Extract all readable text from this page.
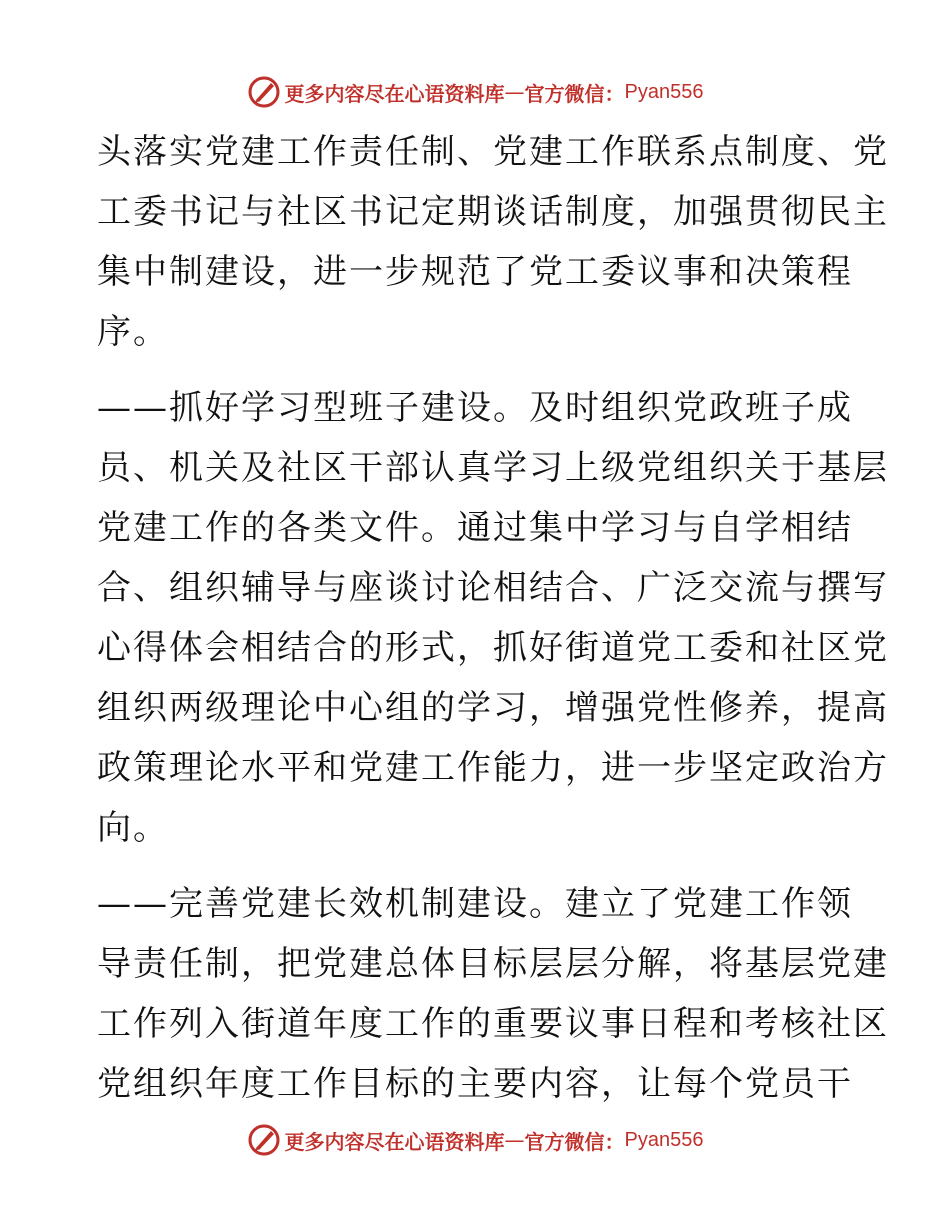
更多内容尽在心语资料库 — 官方微信： Pyan556

头落实党建工作责任制、党建工作联系点制度、党
工委书记与社区书记定期谈话制度，加强贯彻民主
集中制建设，进一步规范了党工委议事和决策程
序。

——抓好学习型班子建设。及时组织党政班子成
员、机关及社区干部认真学习上级党组织关于基层
党建工作的各类文件。通过集中学习与自学相结
合、组织辅导与座谈讨论相结合、广泛交流与撰写
心得体会相结合的形式，抓好街道党工委和社区党
组织两级理论中心组的学习，增强党性修养，提高
政策理论水平和党建工作能力，进一步坚定政治方
向。

——完善党建长效机制建设。建立了党建工作领
导责任制，把党建总体目标层层分解，将基层党建
工作列入街道年度工作的重要议事日程和考核社区
党组织年度工作目标的主要内容，让每个党员干

更多内容尽在心语资料库 — 官方微信： Pyan556
